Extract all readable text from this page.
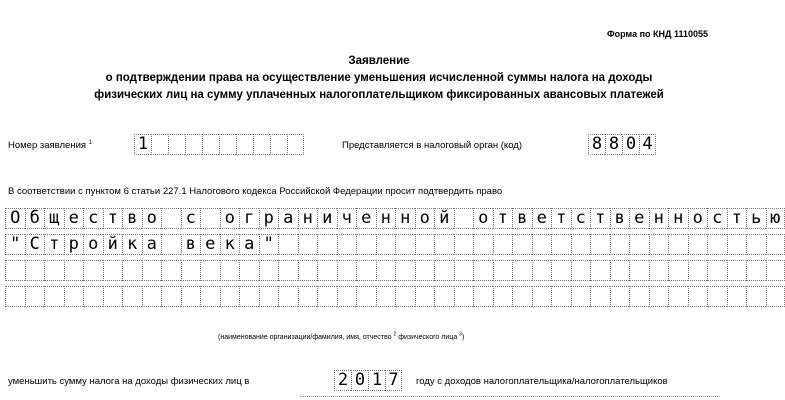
Форма по КНД 1110055
Заявление
о подтверждении права на осуществление уменьшения исчисленной суммы налога на доходы
физических лиц на сумму уплаченных налогоплательщиком фиксированных авансовых платежей
Номер заявления $^1$	1	Представляется в налоговый орган (код)	8 8 0 4
В соответствии с пунктом 6 статьи 227.1 Налогового кодекса Российской Федерации просит подтвердить право
О б щ е с т в о	с	о г р а н и ч е н н о й	о т в е т с т в е н н о с т ь ю
" С т р о й к а	в е к а "
(наименование организации/фамилия, имя, отчество $^2$ физического лица $^3$)
уменьшить сумму налога на доходы физических лиц в	2 0 1 7	году с доходов налогоплательщика/налогоплательщиков
